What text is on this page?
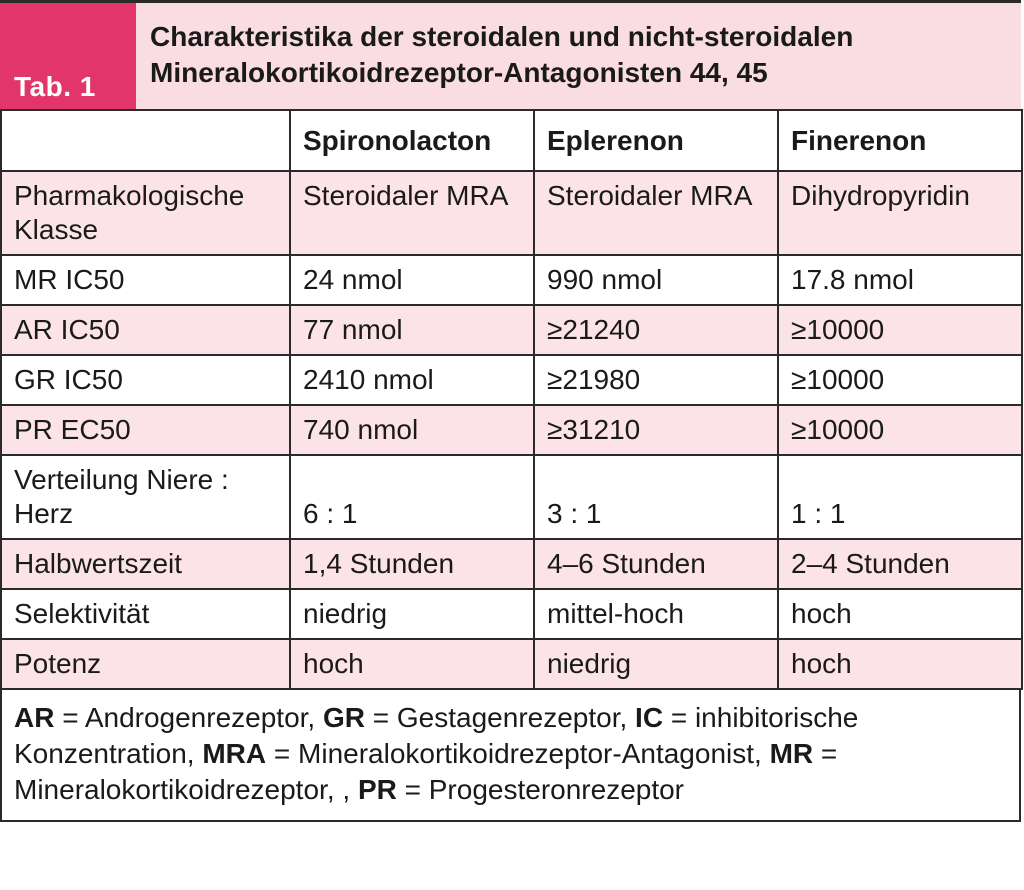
Tab. 1
Charakteristika der steroidalen und nicht-steroidalen
Mineralokortikoidrezeptor-Antagonisten 44, 45
	Spironolacton	Eplerenon	Finerenon
Pharmakologische Klasse	Steroidaler MRA	Steroidaler MRA	Dihydropyridin
MR IC50	24 nmol	990 nmol	17.8 nmol
AR IC50	77 nmol	≥21240	≥10000
GR IC50	2410 nmol	≥21980	≥10000
PR EC50	740 nmol	≥31210	≥10000
Verteilung Niere : Herz	6 : 1	3 : 1	1 : 1
Halbwertszeit	1,4 Stunden	4–6 Stunden	2–4 Stunden
Selektivität	niedrig	mittel-hoch	hoch
Potenz	hoch	niedrig	hoch
AR = Androgenrezeptor, GR = Gestagenrezeptor, IC = inhibitorische Konzentration, MRA = Mineralokortikoidrezeptor-Antagonist, MR = Mineralokortikoidrezeptor, , PR = Progesteronrezeptor
